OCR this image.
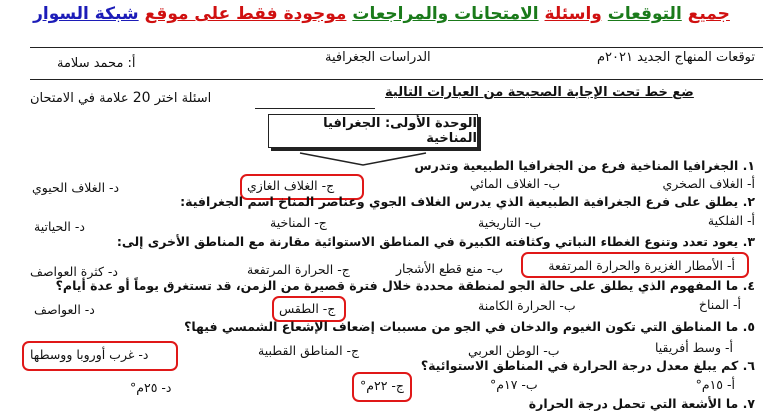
جميع التوقعات واسئلة الامتحانات والمراجعات موجودة فقط على موقع شبكة السوار
توقعات المنهاج الجديد ٢٠٢١م
الدراسات الجغرافية
أ: محمد سلامة
ضع خط تحت الإجابة الصحيحة من العبارات التالية
اسئلة اختر 20 علامة في الامتحان
الوحدة الأولى: الجغرافيا المناخية
١. الجغرافيا المناخية فرع من الجغرافيا الطبيعية وتدرس
أ- الغلاف الصخري
ب- الغلاف المائي
ج- الغلاف الغازي
د- الغلاف الحيوي
٢. يطلق على فرع الجغرافية الطبيعية الذي يدرس الغلاف الجوي وعناصر المناخ اسم الجغرافية:
أ- الفلكية
ب- التاريخية
ج- المناخية
د- الحياتية
٣. يعود تعدد وتنوع الغطاء النباتي وكثافته الكبيرة في المناطق الاستوائية مقارنة مع المناطق الأخرى إلى:
أ- الأمطار الغزيرة والحرارة المرتفعة
ب- منع قطع الأشجار
ج- الحرارة المرتفعة
د- كثرة العواصف
٤. ما المفهوم الذي يطلق على حالة الجو لمنطقة محددة خلال فترة قصيرة من الزمن، قد تستغرق يوماً أو عدة أيام؟
أ- المناخ
ب- الحرارة الكامنة
ج- الطقس
د- العواصف
٥. ما المناطق التي تكون الغيوم والدخان في الجو من مسببات إضعاف الإشعاع الشمسي فيها؟
أ- وسط أفريقيا
ب- الوطن العربي
ج- المناطق القطبية
د- غرب أوروبا ووسطها
٦. كم يبلغ معدل درجة الحرارة في المناطق الاستوائية؟
أ- ١٥م°
ب- ١٧م°
ج- ٢٢م°
د- ٢٥م°
٧. ما الأشعة التي تحمل درجة الحرارة
